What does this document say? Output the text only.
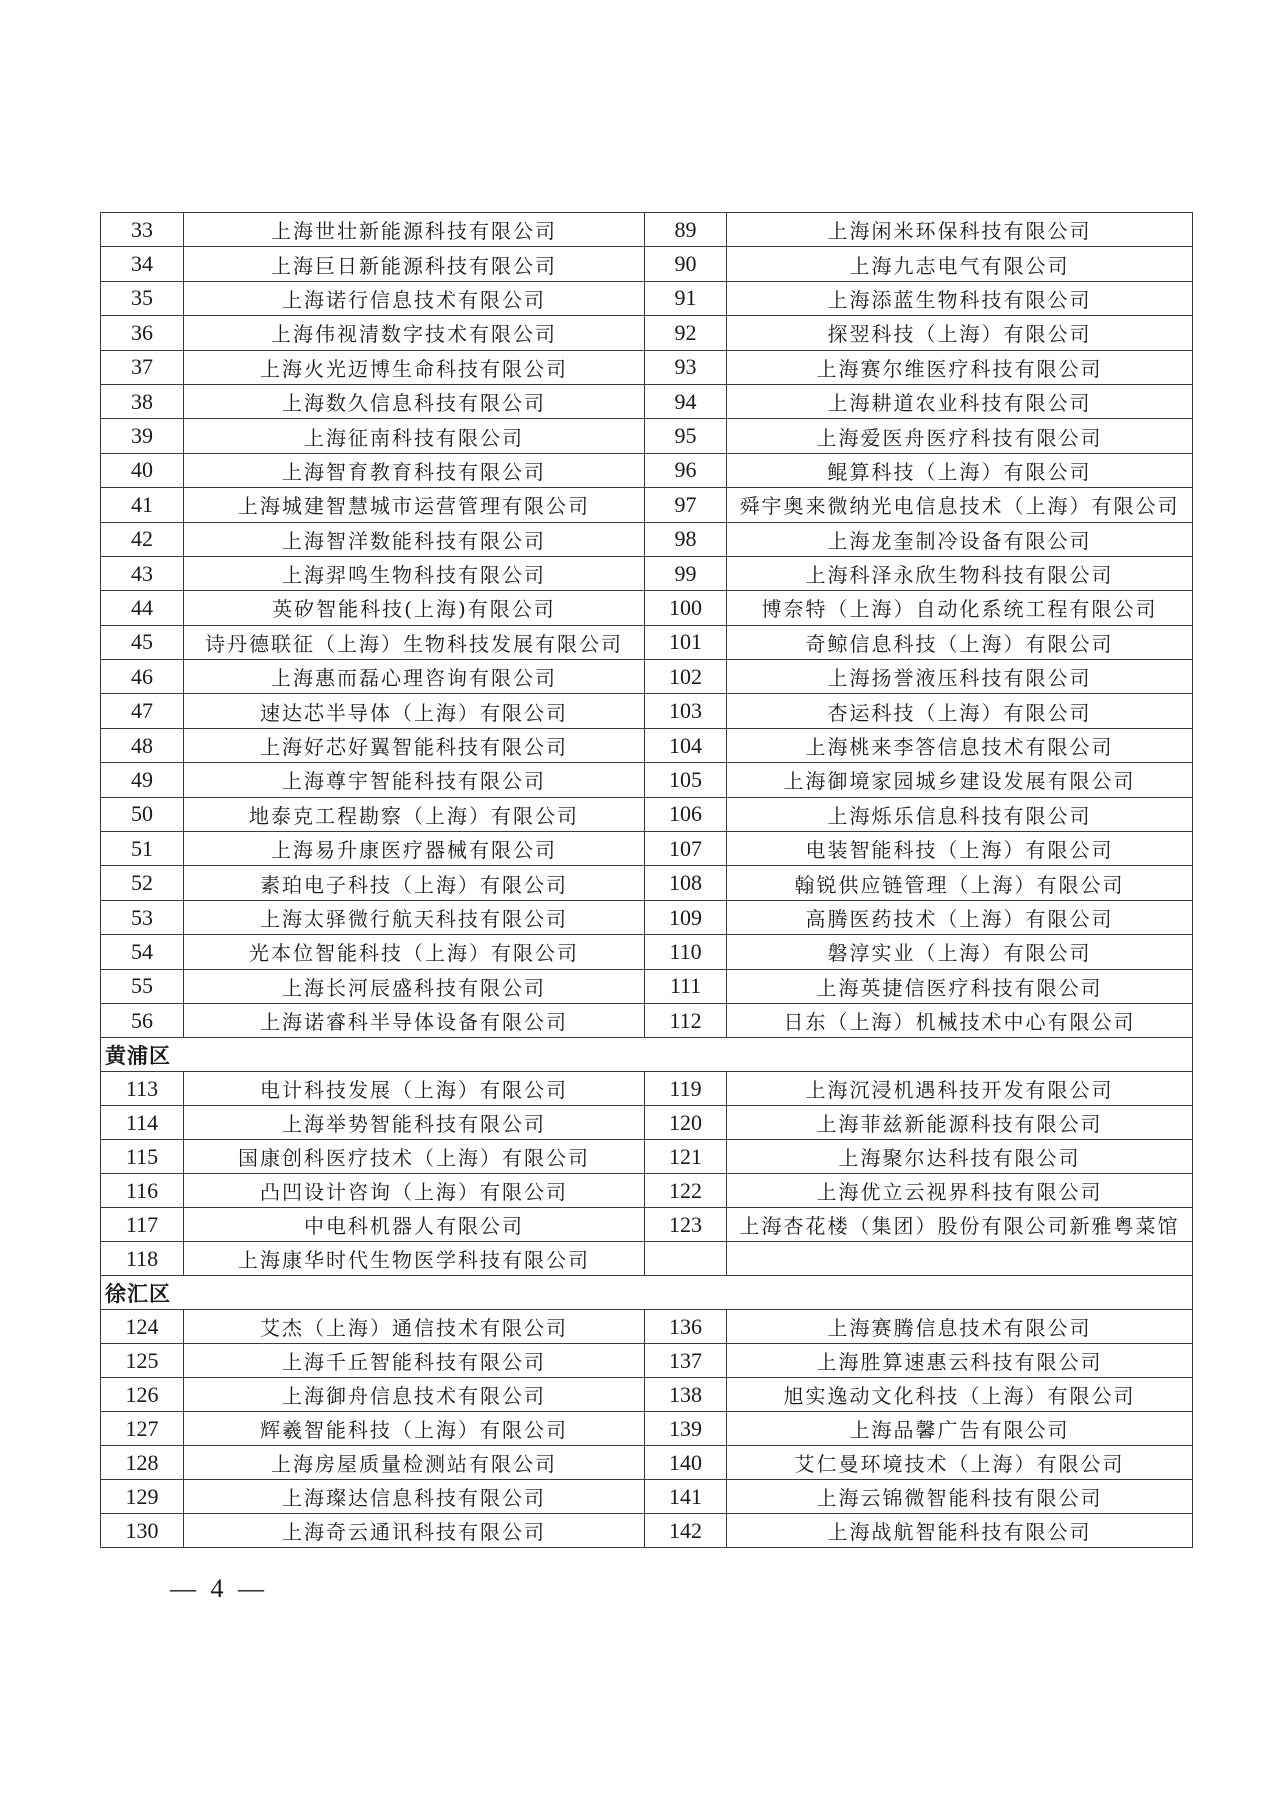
33	上海世壮新能源科技有限公司	89	上海闲米环保科技有限公司
34	上海巨日新能源科技有限公司	90	上海九志电气有限公司
35	上海诺行信息技术有限公司	91	上海添蓝生物科技有限公司
36	上海伟视清数字技术有限公司	92	探翌科技（上海）有限公司
37	上海火光迈博生命科技有限公司	93	上海赛尔维医疗科技有限公司
38	上海数久信息科技有限公司	94	上海耕道农业科技有限公司
39	上海征南科技有限公司	95	上海爱医舟医疗科技有限公司
40	上海智育教育科技有限公司	96	鲲算科技（上海）有限公司
41	上海城建智慧城市运营管理有限公司	97	舜宇奥来微纳光电信息技术（上海）有限公司
42	上海智洋数能科技有限公司	98	上海龙奎制冷设备有限公司
43	上海羿鸣生物科技有限公司	99	上海科泽永欣生物科技有限公司
44	英矽智能科技(上海)有限公司	100	博奈特（上海）自动化系统工程有限公司
45	诗丹德联征（上海）生物科技发展有限公司	101	奇鲸信息科技（上海）有限公司
46	上海惠而磊心理咨询有限公司	102	上海扬誉液压科技有限公司
47	速达芯半导体（上海）有限公司	103	杏运科技（上海）有限公司
48	上海好芯好翼智能科技有限公司	104	上海桃来李答信息技术有限公司
49	上海尊宇智能科技有限公司	105	上海御境家园城乡建设发展有限公司
50	地泰克工程勘察（上海）有限公司	106	上海烁乐信息科技有限公司
51	上海易升康医疗器械有限公司	107	电装智能科技（上海）有限公司
52	素珀电子科技（上海）有限公司	108	翰锐供应链管理（上海）有限公司
53	上海太驿微行航天科技有限公司	109	高腾医药技术（上海）有限公司
54	光本位智能科技（上海）有限公司	110	磐淳实业（上海）有限公司
55	上海长河辰盛科技有限公司	111	上海英捷信医疗科技有限公司
56	上海诺睿科半导体设备有限公司	112	日东（上海）机械技术中心有限公司
黄浦区			
113	电计科技发展（上海）有限公司	119	上海沉浸机遇科技开发有限公司
114	上海举势智能科技有限公司	120	上海菲兹新能源科技有限公司
115	国康创科医疗技术（上海）有限公司	121	上海聚尔达科技有限公司
116	凸凹设计咨询（上海）有限公司	122	上海优立云视界科技有限公司
117	中电科机器人有限公司	123	上海杏花楼（集团）股份有限公司新雅粤菜馆
118	上海康华时代生物医学科技有限公司		
徐汇区			
124	艾杰（上海）通信技术有限公司	136	上海赛腾信息技术有限公司
125	上海千丘智能科技有限公司	137	上海胜算速惠云科技有限公司
126	上海御舟信息技术有限公司	138	旭实逸动文化科技（上海）有限公司
127	辉羲智能科技（上海）有限公司	139	上海品馨广告有限公司
128	上海房屋质量检测站有限公司	140	艾仁曼环境技术（上海）有限公司
129	上海璨达信息科技有限公司	141	上海云锦微智能科技有限公司
130	上海奇云通讯科技有限公司	142	上海战航智能科技有限公司
— 4 —
